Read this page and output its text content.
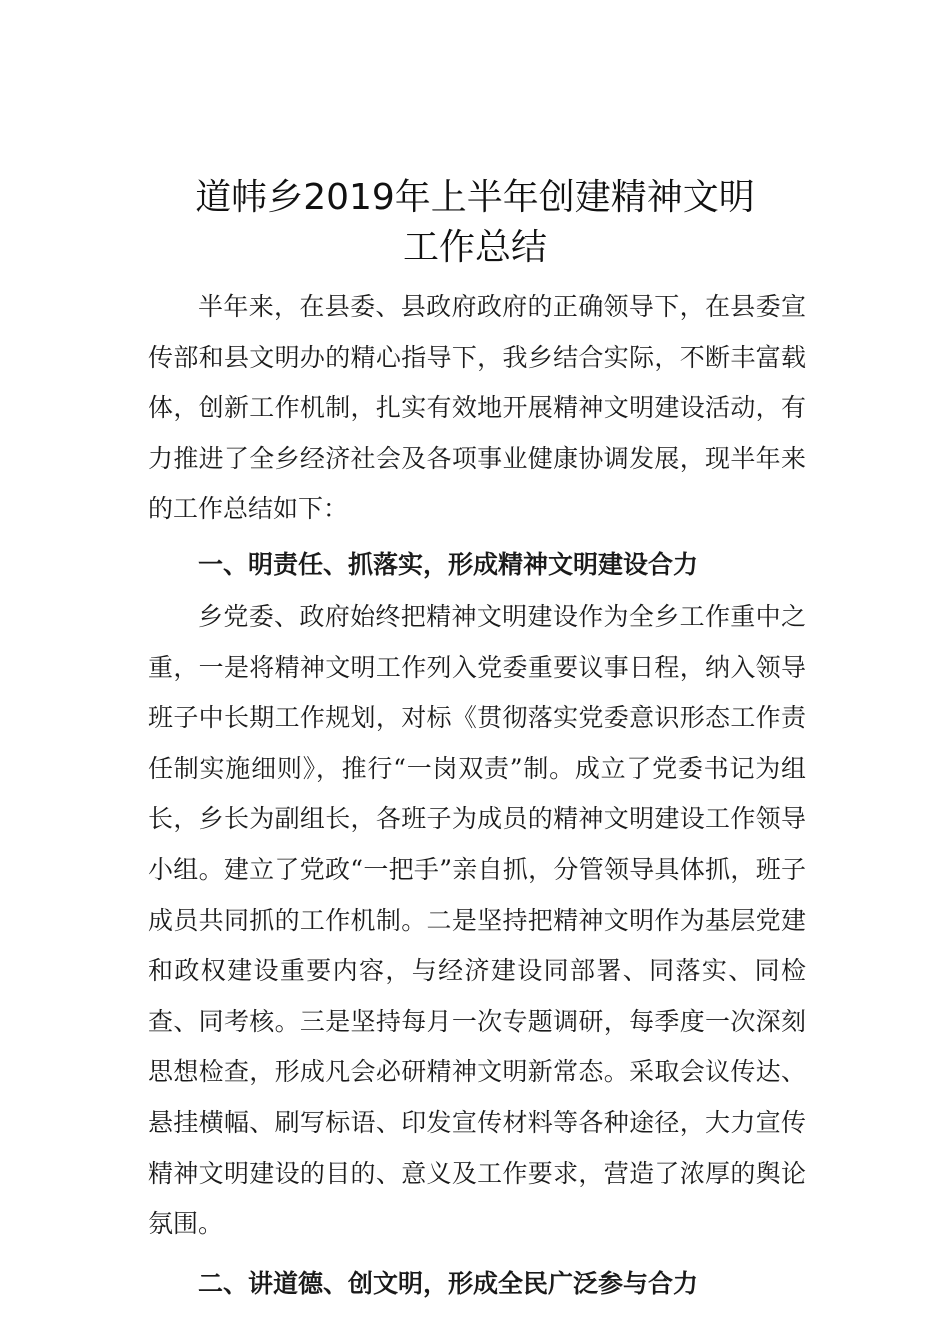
道帏乡2019年上半年创建精神文明
工作总结

半年来，在县委、县政府政府的正确领导下，在县委宣传部和县文明办的精心指导下，我乡结合实际，不断丰富载体，创新工作机制，扎实有效地开展精神文明建设活动，有力推进了全乡经济社会及各项事业健康协调发展，现半年来的工作总结如下：

一、明责任、抓落实，形成精神文明建设合力

乡党委、政府始终把精神文明建设作为全乡工作重中之重，一是将精神文明工作列入党委重要议事日程，纳入领导班子中长期工作规划，对标《贯彻落实党委意识形态工作责任制实施细则》，推行“一岗双责”制。成立了党委书记为组长，乡长为副组长，各班子为成员的精神文明建设工作领导小组。建立了党政“一把手”亲自抓，分管领导具体抓，班子成员共同抓的工作机制。二是坚持把精神文明作为基层党建和政权建设重要内容，与经济建设同部署、同落实、同检查、同考核。三是坚持每月一次专题调研，每季度一次深刻思想检查，形成凡会必研精神文明新常态。采取会议传达、悬挂横幅、刷写标语、印发宣传材料等各种途径，大力宣传精神文明建设的目的、意义及工作要求，营造了浓厚的舆论氛围。

二、讲道德、创文明，形成全民广泛参与合力
